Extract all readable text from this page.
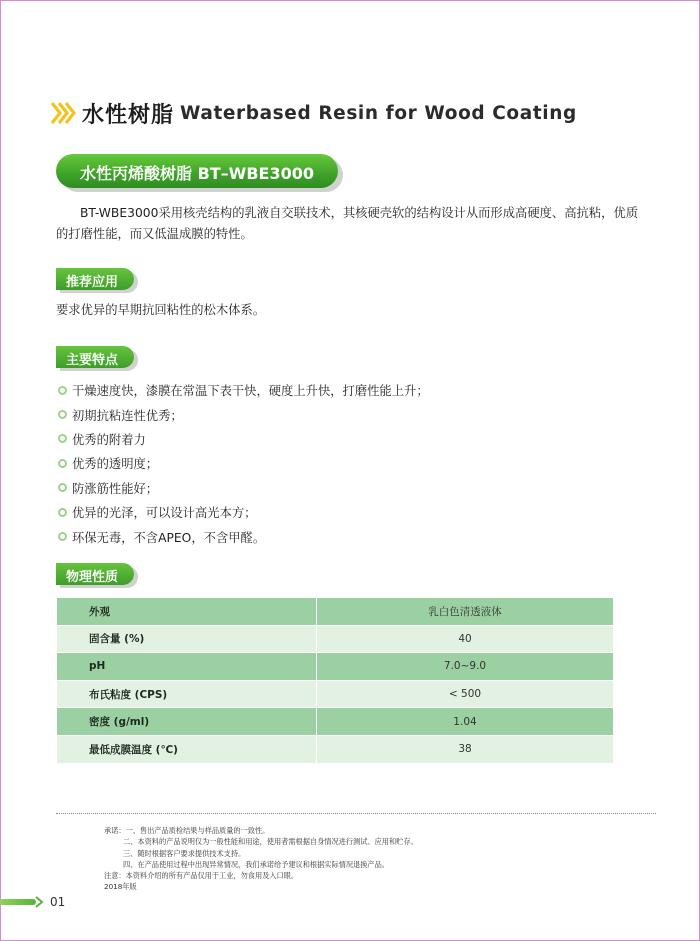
水性树脂 Waterbased Resin for Wood Coating
水性丙烯酸树脂 BT–WBE3000

BT-WBE3000采用核壳结构的乳液自交联技术，其核硬壳软的结构设计从而形成高硬度、高抗粘，优质的打磨性能，而又低温成膜的特性。

推荐应用

要求优异的早期抗回粘性的松木体系。

主要特点
干燥速度快，漆膜在常温下表干快，硬度上升快，打磨性能上升；
初期抗粘连性优秀；
优秀的附着力
优秀的透明度；
防涨筋性能好；
优异的光泽，可以设计高光本方；
环保无毒，不含APEO，不含甲醛。
物理性质
外观	乳白色清透液体
固含量 (%)	40
pH	7.0~9.0
布氏粘度 (CPS)	< 500
密度 (g/ml)	1.04
最低成膜温度 (℃)	38
承诺：一、售出产品质检结果与样品质量的一致性。
二、本资料的产品说明仅为一般性能和用途，使用者需根据自身情况进行测试、应用和贮存。
三、随时根据客户要求提供技术支持。
四、在产品使用过程中出现异常情况，我们承诺给予建议和根据实际情况退换产品。
注意：本资料介绍的所有产品仅用于工业，勿食用及入口眼。
2018年版
01
